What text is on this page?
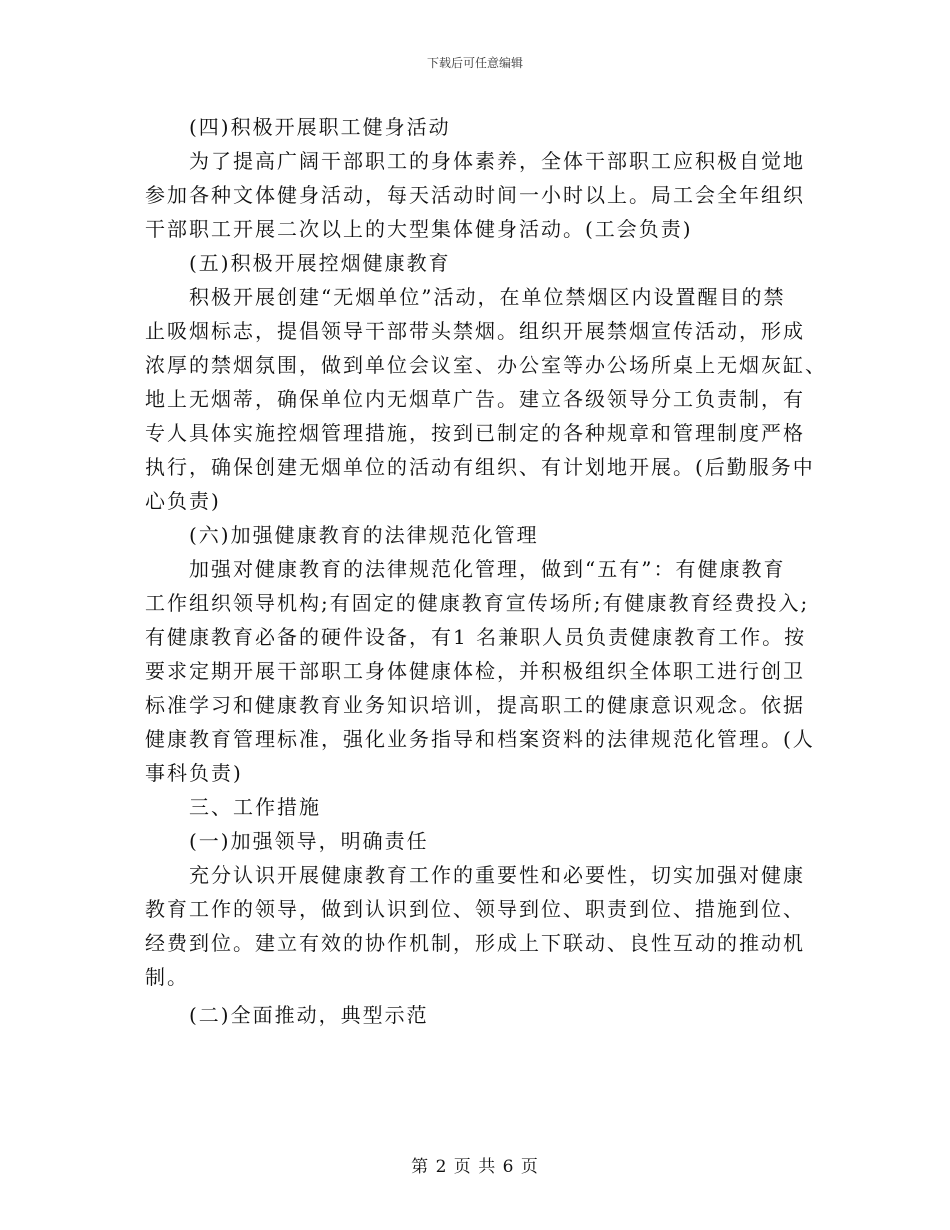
下载后可任意编辑
(四)积极开展职工健身活动
为了提高广阔干部职工的身体素养，全体干部职工应积极自觉地
参加各种文体健身活动，每天活动时间一小时以上。局工会全年组织
干部职工开展二次以上的大型集体健身活动。(工会负责)
(五)积极开展控烟健康教育
积极开展创建“无烟单位”活动，在单位禁烟区内设置醒目的禁
止吸烟标志，提倡领导干部带头禁烟。组织开展禁烟宣传活动，形成
浓厚的禁烟氛围，做到单位会议室、办公室等办公场所桌上无烟灰缸、
地上无烟蒂，确保单位内无烟草广告。建立各级领导分工负责制，有
专人具体实施控烟管理措施，按到已制定的各种规章和管理制度严格
执行，确保创建无烟单位的活动有组织、有计划地开展。(后勤服务中
心负责)
(六)加强健康教育的法律规范化管理
加强对健康教育的法律规范化管理，做到“五有”：有健康教育
工作组织领导机构;有固定的健康教育宣传场所;有健康教育经费投入;
有健康教育必备的硬件设备，有1 名兼职人员负责健康教育工作。按
要求定期开展干部职工身体健康体检，并积极组织全体职工进行创卫
标准学习和健康教育业务知识培训，提高职工的健康意识观念。依据
健康教育管理标准，强化业务指导和档案资料的法律规范化管理。(人
事科负责)
三、工作措施
(一)加强领导，明确责任
充分认识开展健康教育工作的重要性和必要性，切实加强对健康
教育工作的领导，做到认识到位、领导到位、职责到位、措施到位、
经费到位。建立有效的协作机制，形成上下联动、良性互动的推动机
制。
(二)全面推动，典型示范
第 2 页 共 6 页
